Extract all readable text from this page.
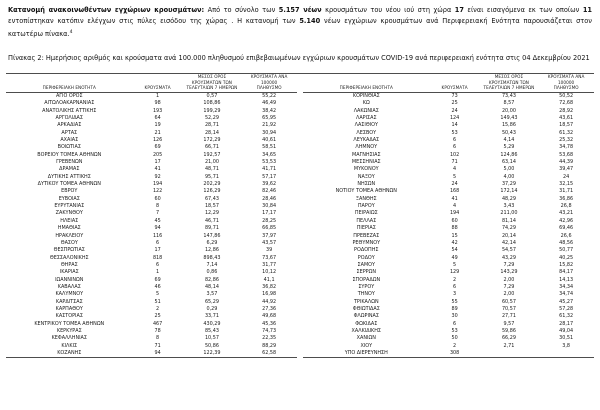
Κατανομή ανακοινωθέντων εγχώριων κρουσμάτων: Από το σύνολο των 5.157 νέων κρουσμάτων του νέου ιού στη χώρα 17 είναι εισαγόμενα εκ των οποίων 11 εντοπίστηκαν κατόπιν ελέγχων στις πύλες εισόδου της χώρας . Η κατανομή των 5.140 νέων εγχώριων κρουσμάτων ανά Περιφερειακή Ενότητα παρουσιάζεται στον κατωτέρω πίνακα.$^4$

Πίνακας 2: Ημερήσιος αριθμός και κρούσματα ανά 100.000 πληθυσμού επιβεβαιωμένων εγχώριων κρουσμάτων COVID-19 ανά περιφερειακή ενότητα στις 04 Δεκεμβρίου 2021

ΠΕΡΙΦΕΡΕΙΑΚΗ ΕΝΟΤΗΤΑ	ΚΡΟΥΣΜΑΤΑ	
ΜΕΣΟΣ ΟΡΟΣ
ΚΡΟΥΣΜΑΤΩΝ ΤΩΝ
ΤΕΛΕΥΤΑΙΩΝ 7 ΗΜΕΡΩΝ

ΚΡΟΥΣΜΑΤΑ ΑΝΑ 100000
ΠΛΗΘΥΣΜΟ

ΑΓΙΟ ΟΡΟΣ	1	0,57	55,22
ΑΙΤΩΛΟΑΚΑΡΝΑΝΙΑΣ	98	108,86	46,49
ΑΝΑΤΟΛΙΚΗΣ ΑΤΤΙΚΗΣ	193	199,29	38,42
ΑΡΓΟΛΙΔΑΣ	64	52,29	65,95
ΑΡΚΑΔΙΑΣ	19	28,71	21,92
ΑΡΤΑΣ	21	28,14	30,94
ΑΧΑΪΑΣ	126	172,29	40,61
ΒΟΙΩΤΙΑΣ	69	66,71	58,51
ΒΟΡΕΙΟΥ ΤΟΜΕΑ ΑΘΗΝΩΝ	205	192,57	34,65
ΓΡΕΒΕΝΩΝ	17	21,00	53,53
ΔΡΑΜΑΣ	41	48,71	41,71
ΔΥΤΙΚΗΣ ΑΤΤΙΚΗΣ	92	95,71	57,17
ΔΥΤΙΚΟΥ ΤΟΜΕΑ ΑΘΗΝΩΝ	194	202,29	39,62
ΕΒΡΟΥ	122	126,29	82,46
ΕΥΒΟΙΑΣ	60	67,43	28,46
ΕΥΡΥΤΑΝΙΑΣ	8	18,57	30,84
ΖΑΚΥΝΘΟΥ	7	12,29	17,17
ΗΛΕΙΑΣ	45	46,71	28,25
ΗΜΑΘΙΑΣ	94	89,71	66,85
ΗΡΑΚΛΕΙΟΥ	116	147,86	37,97
ΘΑΣΟΥ	6	6,29	43,57
ΘΕΣΠΡΩΤΙΑΣ	17	12,86	39
ΘΕΣΣΑΛΟΝΙΚΗΣ	818	898,43	73,67
ΘΗΡΑΣ	6	7,14	31,77
ΙΚΑΡΙΑΣ	1	0,86	10,12
ΙΩΑΝΝΙΝΩΝ	69	82,86	41,1
ΚΑΒΑΛΑΣ	46	48,14	36,82
ΚΑΛΥΜΝΟΥ	5	3,57	16,98
ΚΑΡΔΙΤΣΑΣ	51	65,29	44,92
ΚΑΡΠΑΘΟΥ	2	0,29	27,36
ΚΑΣΤΟΡΙΑΣ	25	33,71	49,68
ΚΕΝΤΡΙΚΟΥ ΤΟΜΕΑ ΑΘΗΝΩΝ	467	430,29	45,36
ΚΕΡΚΥΡΑΣ	78	85,43	74,73
ΚΕΦΑΛΛΗΝΙΑΣ	8	10,57	22,35
ΚΙΛΚΙΣ	71	50,86	88,29
ΚΟΖΑΝΗΣ	94	122,39	62,58

ΠΕΡΙΦΕΡΕΙΑΚΗ ΕΝΟΤΗΤΑ	ΚΡΟΥΣΜΑΤΑ	
ΜΕΣΟΣ ΟΡΟΣ
ΚΡΟΥΣΜΑΤΩΝ ΤΩΝ
ΤΕΛΕΥΤΑΙΩΝ 7 ΗΜΕΡΩΝ

ΚΡΟΥΣΜΑΤΑ ΑΝΑ 100000
ΠΛΗΘΥΣΜΟ

ΚΟΡΙΝΘΙΑΣ	73	73,43	50,52
ΚΩ	25	8,57	72,68
ΛΑΚΩΝΙΑΣ	24	20,00	28,92
ΛΑΡΙΣΑΣ	124	149,43	43,61
ΛΑΣΙΘΙΟΥ	14	15,86	18,57
ΛΕΣΒΟΥ	53	50,43	61,32
ΛΕΥΚΑΔΑΣ	6	4,14	25,32
ΛΗΜΝΟΥ	6	5,29	34,78
ΜΑΓΝΗΣΙΑΣ	102	124,86	53,68
ΜΕΣΣΗΝΙΑΣ	71	63,14	44,39
ΜΥΚΟΝΟΥ	4	5,00	39,47
ΝΑΞΟΥ	5	4,00	24
ΝΗΣΩΝ	24	37,29	32,15
ΝΟΤΙΟΥ ΤΟΜΕΑ ΑΘΗΝΩΝ	168	172,14	31,71
ΞΑΝΘΗΣ	41	48,29	36,86
ΠΑΡΟΥ	4	3,43	26,8
ΠΕΙΡΑΙΩΣ	194	211,00	43,21
ΠΕΛΛΑΣ	60	81,14	42,96
ΠΙΕΡΙΑΣ	88	74,29	69,46
ΠΡΕΒΕΖΑΣ	15	20,14	26,6
ΡΕΘΥΜΝΟΥ	42	42,14	48,56
ΡΟΔΟΠΗΣ	54	54,57	50,77
ΡΟΔΟΥ	49	43,29	40,25
ΣΑΜΟΥ	5	7,29	15,82
ΣΕΡΡΩΝ	129	143,29	84,17
ΣΠΟΡΑΔΩΝ	2	2,00	14,13
ΣΥΡΟΥ	6	7,29	34,34
ΤΗΝΟΥ	3	2,00	34,74
ΤΡΙΚΑΛΩΝ	55	60,57	45,27
ΦΘΙΩΤΙΔΑΣ	89	70,57	57,28
ΦΛΩΡΙΝΑΣ	30	27,71	61,32
ΦΩΚΙΔΑΣ	6	9,57	28,17
ΧΑΛΚΙΔΙΚΗΣ	53	59,86	49,04
ΧΑΝΙΩΝ	50	66,29	30,51
ΧΙΟΥ	2	2,71	3,8
ΥΠΟ ΔΙΕΡΕΥΝΗΣΗ	308		
